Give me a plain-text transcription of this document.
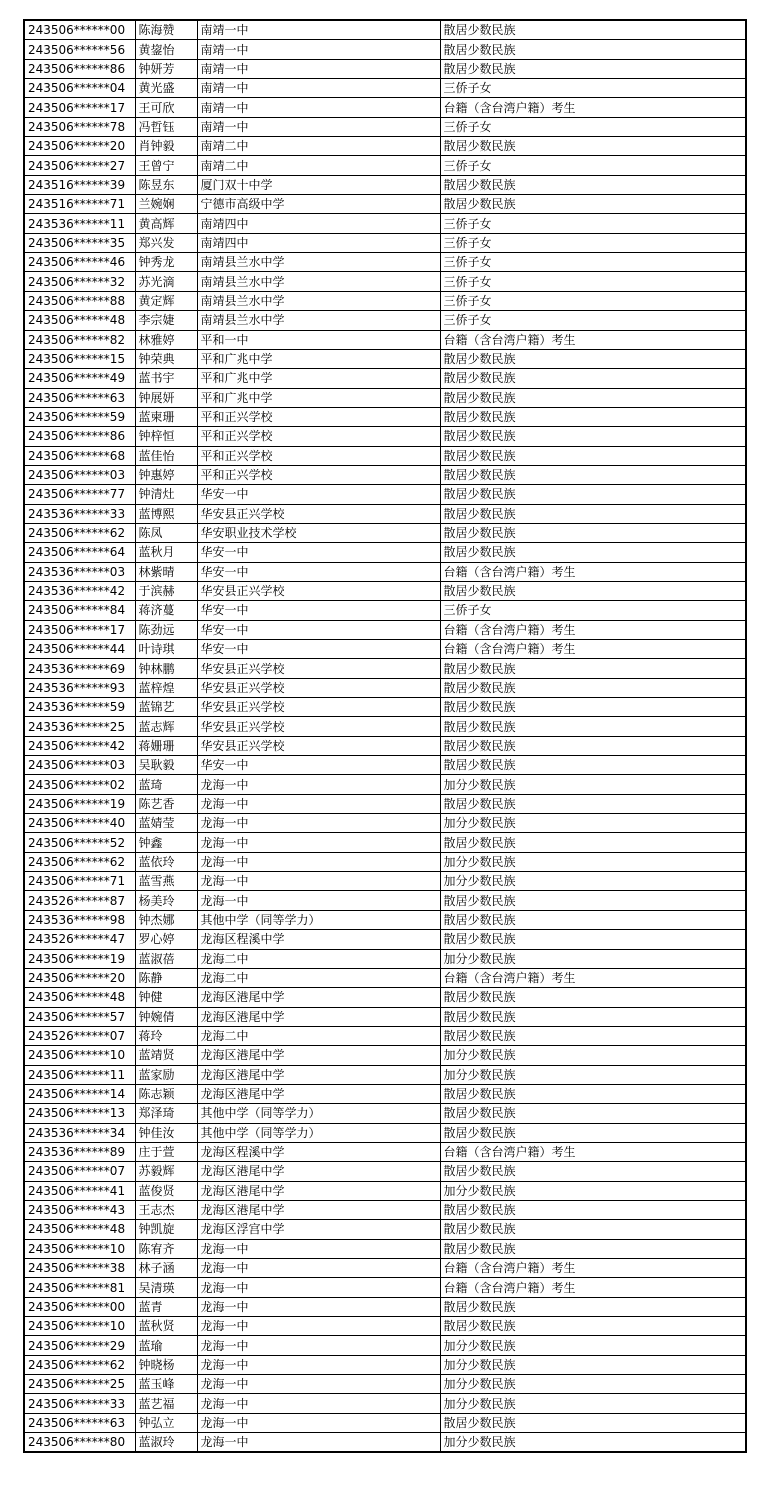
243506******00	陈海赞	南靖一中	散居少数民族
243506******56	黄鋆怡	南靖一中	散居少数民族
243506******86	钟妍芳	南靖一中	散居少数民族
243506******04	黄光盛	南靖一中	三侨子女
243506******17	王可欣	南靖一中	台籍（含台湾户籍）考生
243506******78	冯哲钰	南靖一中	三侨子女
243506******20	肖钟毅	南靖二中	散居少数民族
243506******27	王曾宁	南靖二中	三侨子女
243516******39	陈昱东	厦门双十中学	散居少数民族
243516******71	兰婉娴	宁德市高级中学	散居少数民族
243536******11	黄高辉	南靖四中	三侨子女
243506******35	郑兴发	南靖四中	三侨子女
243506******46	钟秀龙	南靖县兰水中学	三侨子女
243506******32	苏光滴	南靖县兰水中学	三侨子女
243506******88	黄定辉	南靖县兰水中学	三侨子女
243506******48	李宗婕	南靖县兰水中学	三侨子女
243506******82	林雅婷	平和一中	台籍（含台湾户籍）考生
243506******15	钟荣典	平和广兆中学	散居少数民族
243506******49	蓝书宇	平和广兆中学	散居少数民族
243506******63	钟展妍	平和广兆中学	散居少数民族
243506******59	蓝柬珊	平和正兴学校	散居少数民族
243506******86	钟梓恒	平和正兴学校	散居少数民族
243506******68	蓝佳怡	平和正兴学校	散居少数民族
243506******03	钟惠婷	平和正兴学校	散居少数民族
243506******77	钟清灶	华安一中	散居少数民族
243536******33	蓝博熙	华安县正兴学校	散居少数民族
243506******62	陈凤	华安职业技术学校	散居少数民族
243506******64	蓝秋月	华安一中	散居少数民族
243536******03	林紫晴	华安一中	台籍（含台湾户籍）考生
243536******42	于滨赫	华安县正兴学校	散居少数民族
243506******84	蒋济蔓	华安一中	三侨子女
243506******17	陈劲远	华安一中	台籍（含台湾户籍）考生
243506******44	叶诗琪	华安一中	台籍（含台湾户籍）考生
243536******69	钟林鹏	华安县正兴学校	散居少数民族
243536******93	蓝梓煌	华安县正兴学校	散居少数民族
243536******59	蓝锦艺	华安县正兴学校	散居少数民族
243536******25	蓝志辉	华安县正兴学校	散居少数民族
243506******42	蒋姗珊	华安县正兴学校	散居少数民族
243506******03	吴耿毅	华安一中	散居少数民族
243506******02	蓝琦	龙海一中	加分少数民族
243506******19	陈艺香	龙海一中	散居少数民族
243506******40	蓝婧莹	龙海一中	加分少数民族
243506******52	钟鑫	龙海一中	散居少数民族
243506******62	蓝依玲	龙海一中	加分少数民族
243506******71	蓝雪燕	龙海一中	加分少数民族
243526******87	杨美玲	龙海一中	散居少数民族
243536******98	钟杰娜	其他中学（同等学力）	散居少数民族
243526******47	罗心婷	龙海区程溪中学	散居少数民族
243506******19	蓝淑蓓	龙海二中	加分少数民族
243506******20	陈静	龙海二中	台籍（含台湾户籍）考生
243506******48	钟健	龙海区港尾中学	散居少数民族
243506******57	钟婉倩	龙海区港尾中学	散居少数民族
243526******07	蒋玲	龙海二中	散居少数民族
243506******10	蓝靖贤	龙海区港尾中学	加分少数民族
243506******11	蓝家励	龙海区港尾中学	加分少数民族
243506******14	陈志颖	龙海区港尾中学	散居少数民族
243506******13	郑泽琦	其他中学（同等学力）	散居少数民族
243536******34	钟佳汝	其他中学（同等学力）	散居少数民族
243536******89	庄于萱	龙海区程溪中学	台籍（含台湾户籍）考生
243506******07	苏毅辉	龙海区港尾中学	散居少数民族
243506******41	蓝俊贤	龙海区港尾中学	加分少数民族
243506******43	王志杰	龙海区港尾中学	散居少数民族
243506******48	钟凯旋	龙海区浮宫中学	散居少数民族
243506******10	陈宥齐	龙海一中	散居少数民族
243506******38	林子涵	龙海一中	台籍（含台湾户籍）考生
243506******81	吴清瑛	龙海一中	台籍（含台湾户籍）考生
243506******00	蓝青	龙海一中	散居少数民族
243506******10	蓝秋贤	龙海一中	散居少数民族
243506******29	蓝瑜	龙海一中	加分少数民族
243506******62	钟晓杨	龙海一中	加分少数民族
243506******25	蓝玉峰	龙海一中	加分少数民族
243506******33	蓝艺福	龙海一中	加分少数民族
243506******63	钟弘立	龙海一中	散居少数民族
243506******80	蓝淑玲	龙海一中	加分少数民族
